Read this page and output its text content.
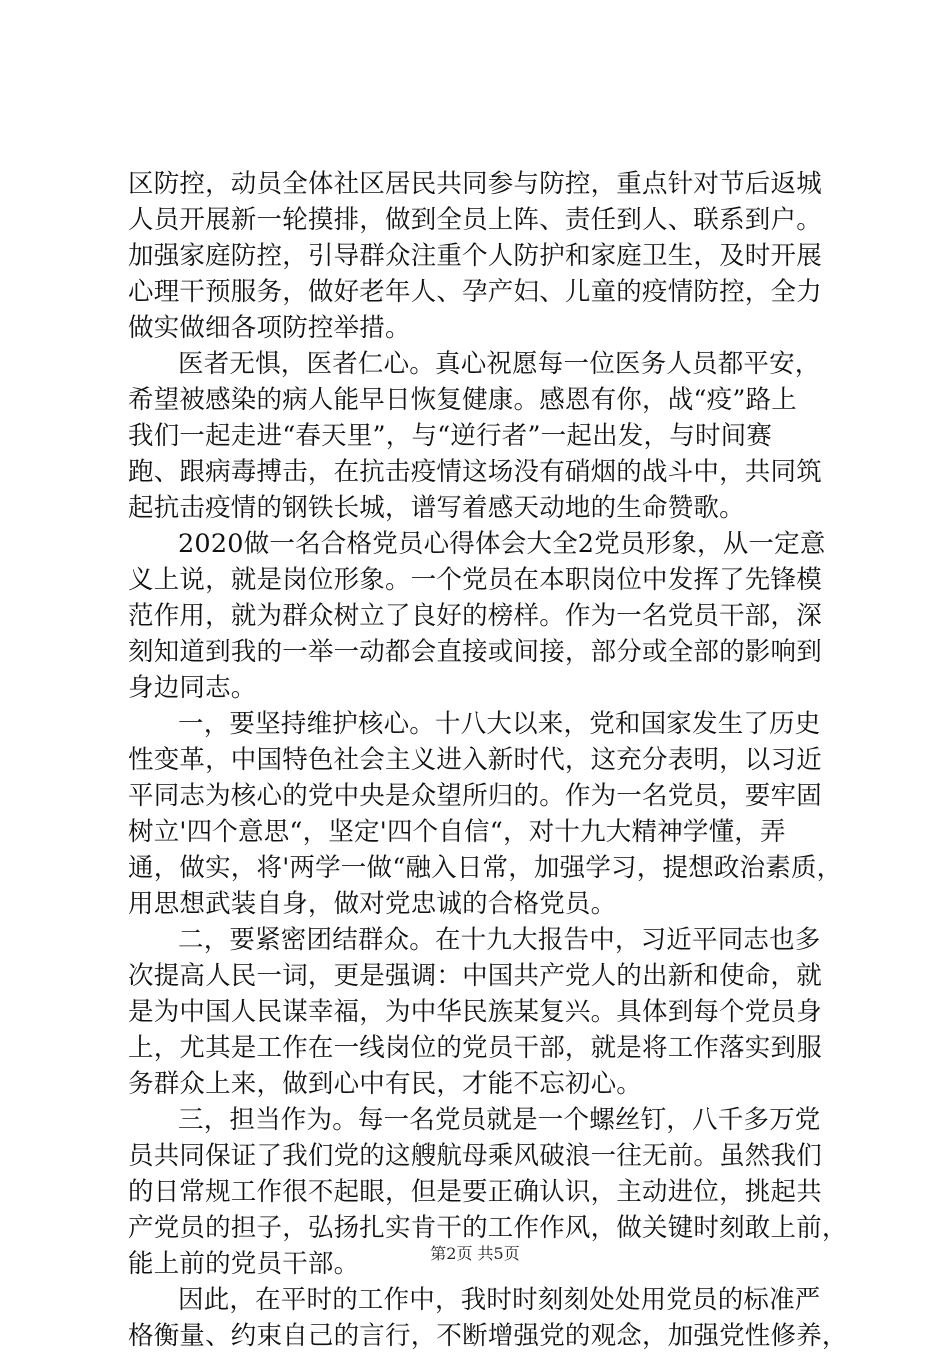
区防控，动员全体社区居民共同参与防控，重点针对节后返城
人员开展新一轮摸排，做到全员上阵、责任到人、联系到户。
加强家庭防控，引导群众注重个人防护和家庭卫生，及时开展
心理干预服务，做好老年人、孕产妇、儿童的疫情防控，全力
做实做细各项防控举措。
医者无惧，医者仁心。真心祝愿每一位医务人员都平安，
希望被感染的病人能早日恢复健康。感恩有你，战“疫”路上
我们一起走进“春天里”，与“逆行者”一起出发，与时间赛
跑、跟病毒搏击，在抗击疫情这场没有硝烟的战斗中，共同筑
起抗击疫情的钢铁长城，谱写着感天动地的生命赞歌。
2020做一名合格党员心得体会大全2党员形象，从一定意
义上说，就是岗位形象。一个党员在本职岗位中发挥了先锋模
范作用，就为群众树立了良好的榜样。作为一名党员干部，深
刻知道到我的一举一动都会直接或间接，部分或全部的影响到
身边同志。
一，要坚持维护核心。十八大以来，党和国家发生了历史
性变革，中国特色社会主义进入新时代，这充分表明，以习近
平同志为核心的党中央是众望所归的。作为一名党员，要牢固
树立'四个意思“，坚定'四个自信“，对十九大精神学懂，弄
通，做实，将'两学一做“融入日常，加强学习，提想政治素质，
用思想武装自身，做对党忠诚的合格党员。
二，要紧密团结群众。在十九大报告中，习近平同志也多
次提高人民一词，更是强调：中国共产党人的出新和使命，就
是为中国人民谋幸福，为中华民族某复兴。具体到每个党员身
上，尤其是工作在一线岗位的党员干部，就是将工作落实到服
务群众上来，做到心中有民，才能不忘初心。
三，担当作为。每一名党员就是一个螺丝钉，八千多万党
员共同保证了我们党的这艘航母乘风破浪一往无前。虽然我们
的日常规工作很不起眼，但是要正确认识，主动进位，挑起共
产党员的担子，弘扬扎实肯干的工作作风，做关键时刻敢上前，
能上前的党员干部。
因此，在平时的工作中，我时时刻刻处处用党员的标准严
格衡量、约束自己的言行，不断增强党的观念，加强党性修养，
第2页 共5页
